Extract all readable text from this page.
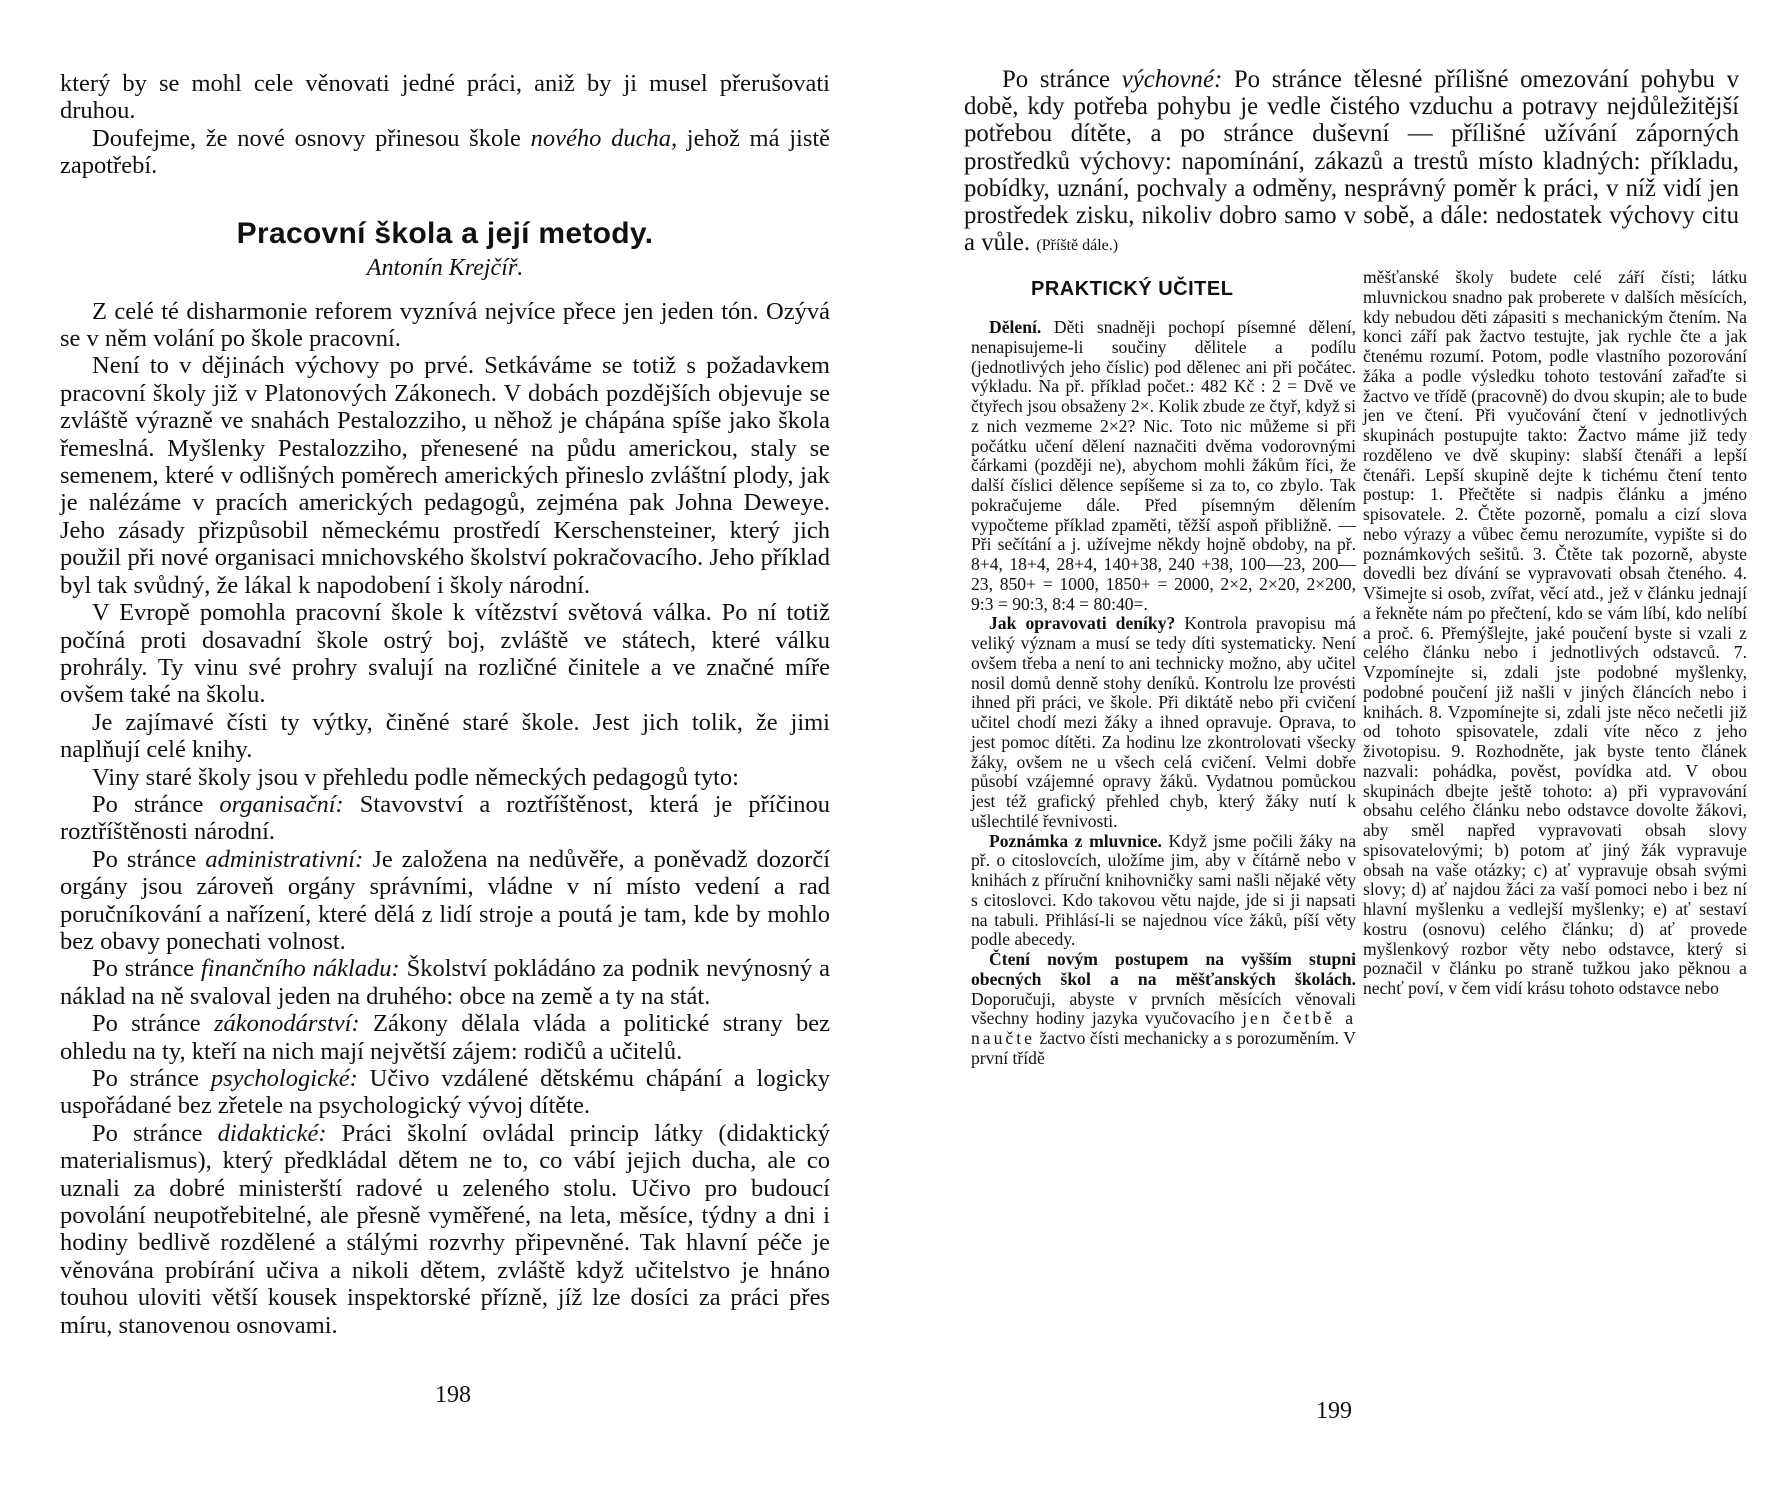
který by se mohl cele věnovati jedné práci, aniž by ji musel přerušovati druhou.

Doufejme, že nové osnovy přinesou škole nového ducha, jehož má jistě zapotřebí.

Pracovní škola a její metody.

Antonín Krejčíř.

Z celé té disharmonie reforem vyznívá nejvíce přece jen jeden tón. Ozývá se v něm volání po škole pracovní.

Není to v dějinách výchovy po prvé. Setkáváme se totiž s požadavkem pracovní školy již v Platonových Zákonech. V dobách pozdějších objevuje se zvláště výrazně ve snahách Pestalozziho, u něhož je chápána spíše jako škola řemeslná. Myšlenky Pestalozziho, přenesené na půdu americkou, staly se semenem, které v odlišných poměrech amerických přineslo zvláštní plody, jak je nalézáme v pracích amerických pedagogů, zejména pak Johna Deweye. Jeho zásady přizpůsobil německému prostředí Kerschensteiner, který jich použil při nové organisaci mnichovského školství pokračovacího. Jeho příklad byl tak svůdný, že lákal k napodobení i školy národní.

V Evropě pomohla pracovní škole k vítězství světová válka. Po ní totiž počíná proti dosavadní škole ostrý boj, zvláště ve státech, které válku prohrály. Ty vinu své prohry svalují na rozličné činitele a ve značné míře ovšem také na školu.

Je zajímavé čísti ty výtky, činěné staré škole. Jest jich tolik, že jimi naplňují celé knihy.

Viny staré školy jsou v přehledu podle německých pedagogů tyto:

Po stránce organisační: Stavovství a roztříštěnost, která je příčinou roztříštěnosti národní.

Po stránce administrativní: Je založena na nedůvěře, a poněvadž dozorčí orgány jsou zároveň orgány správními, vládne v ní místo vedení a rad poručníkování a nařízení, které dělá z lidí stroje a poutá je tam, kde by mohlo bez obavy ponechati volnost.

Po stránce finančního nákladu: Školství pokládáno za podnik nevýnosný a náklad na ně svaloval jeden na druhého: obce na země a ty na stát.

Po stránce zákonodárství: Zákony dělala vláda a politické strany bez ohledu na ty, kteří na nich mají největší zájem: rodičů a učitelů.

Po stránce psychologické: Učivo vzdálené dětskému chápání a logicky uspořádané bez zřetele na psychologický vývoj dítěte.

Po stránce didaktické: Práci školní ovládal princip látky (didaktický materialismus), který předkládal dětem ne to, co vábí jejich ducha, ale co uznali za dobré ministerští radové u zeleného stolu. Učivo pro budoucí povolání neupotřebitelné, ale přesně vyměřené, na leta, měsíce, týdny a dni i hodiny bedlivě rozdělené a stálými rozvrhy připevněné. Tak hlavní péče je věnována probírání učiva a nikoli dětem, zvláště když učitelstvo je hnáno touhou uloviti větší kousek inspektorské přízně, jíž lze dosíci za práci přes míru, stanovenou osnovami.

198

Po stránce výchovné: Po stránce tělesné přílišné omezování pohybu v době, kdy potřeba pohybu je vedle čistého vzduchu a potravy nejdůležitější potřebou dítěte, a po stránce duševní — přílišné užívání záporných prostředků výchovy: napomínání, zákazů a trestů místo kladných: příkladu, pobídky, uznání, pochvaly a odměny, nesprávný poměr k práci, v níž vidí jen prostředek zisku, nikoliv dobro samo v sobě, a dále: nedostatek výchovy citu a vůle. (Příště dále.)

PRAKTICKÝ UČITEL

Dělení. Děti snadněji pochopí písemné dělení, nenapisujeme-li součiny dělitele a podílu (jednotlivých jeho číslic) pod dělenec ani při počátec. výkladu. Na př. příklad počet.: 482 Kč : 2 = Dvě ve čtyřech jsou obsaženy 2×. Kolik zbude ze čtyř, když si z nich vezmeme 2×2? Nic. Toto nic můžeme si při počátku učení dělení naznačiti dvěma vodorovnými čárkami (později ne), abychom mohli žákům říci, že další číslici dělence sepíšeme si za to, co zbylo. Tak pokračujeme dále. Před písemným dělením vypočteme příklad zpaměti, těžší aspoň přibližně. — Při sečítání a j. užívejme někdy hojně obdoby, na př. 8+4, 18+4, 28+4, 140+38, 240 +38, 100—23, 200—23, 850+ = 1000, 1850+ = 2000, 2×2, 2×20, 2×200, 9:3 = 90:3, 8:4 = 80:40=.

Jak opravovati deníky? Kontrola pravopisu má veliký význam a musí se tedy díti systematicky. Není ovšem třeba a není to ani technicky možno, aby učitel nosil domů denně stohy deníků. Kontrolu lze provésti ihned při práci, ve škole. Při diktátě nebo při cvičení učitel chodí mezi žáky a ihned opravuje. Oprava, to jest pomoc dítěti. Za hodinu lze zkontrolovati všecky žáky, ovšem ne u všech celá cvičení. Velmi dobře působí vzájemné opravy žáků. Vydatnou pomůckou jest též grafický přehled chyb, který žáky nutí k ušlechtilé řevnivosti.

Poznámka z mluvnice. Když jsme počili žáky na př. o citoslovcích, uložíme jim, aby v čítárně nebo v knihách z příruční knihovničky sami našli nějaké věty s citoslovci. Kdo takovou větu najde, jde si ji napsati na tabuli. Přihlásí-li se najednou více žáků, píší věty podle abecedy.

Čtení novým postupem na vyšším stupni obecných škol a na měšťanských školách. Doporučuji, abyste v prvních měsících věnovali všechny hodiny jazyka vyučovacího jen četbě a naučte žactvo čísti mechanicky a s porozuměním. V první třídě

měšťanské školy budete celé září čísti; látku mluvnickou snadno pak proberete v dalších měsících, kdy nebudou děti zápasiti s mechanickým čtením. Na konci září pak žactvo testujte, jak rychle čte a jak čtenému rozumí. Potom, podle vlastního pozorování žáka a podle výsledku tohoto testování zařaďte si žactvo ve třídě (pracovně) do dvou skupin; ale to bude jen ve čtení. Při vyučování čtení v jednotlivých skupinách postupujte takto: Žactvo máme již tedy rozděleno ve dvě skupiny: slabší čtenáři a lepší čtenáři. Lepší skupině dejte k tichému čtení tento postup: 1. Přečtěte si nadpis článku a jméno spisovatele. 2. Čtěte pozorně, pomalu a cizí slova nebo výrazy a vůbec čemu nerozumíte, vypište si do poznámkových sešitů. 3. Čtěte tak pozorně, abyste dovedli bez dívání se vypravovati obsah čteného. 4. Všimejte si osob, zvířat, věcí atd., jež v článku jednají a řekněte nám po přečtení, kdo se vám líbí, kdo nelíbí a proč. 6. Přemýšlejte, jaké poučení byste si vzali z celého článku nebo i jednotlivých odstavců. 7. Vzpomínejte si, zdali jste podobné myšlenky, podobné poučení již našli v jiných článcích nebo i knihách. 8. Vzpomínejte si, zdali jste něco nečetli již od tohoto spisovatele, zdali víte něco z jeho životopisu. 9. Rozhodněte, jak byste tento článek nazvali: pohádka, pověst, povídka atd. V obou skupinách dbejte ještě tohoto: a) při vypravování obsahu celého článku nebo odstavce dovolte žákovi, aby směl napřed vypravovati obsah slovy spisovatelovými; b) potom ať jiný žák vypravuje obsah na vaše otázky; c) ať vypravuje obsah svými slovy; d) ať najdou žáci za vaší pomoci nebo i bez ní hlavní myšlenku a vedlejší myšlenky; e) ať sestaví kostru (osnovu) celého článku; d) ať provede myšlenkový rozbor věty nebo odstavce, který si poznačil v článku po straně tužkou jako pěknou a nechť poví, v čem vidí krásu tohoto odstavce nebo

199
